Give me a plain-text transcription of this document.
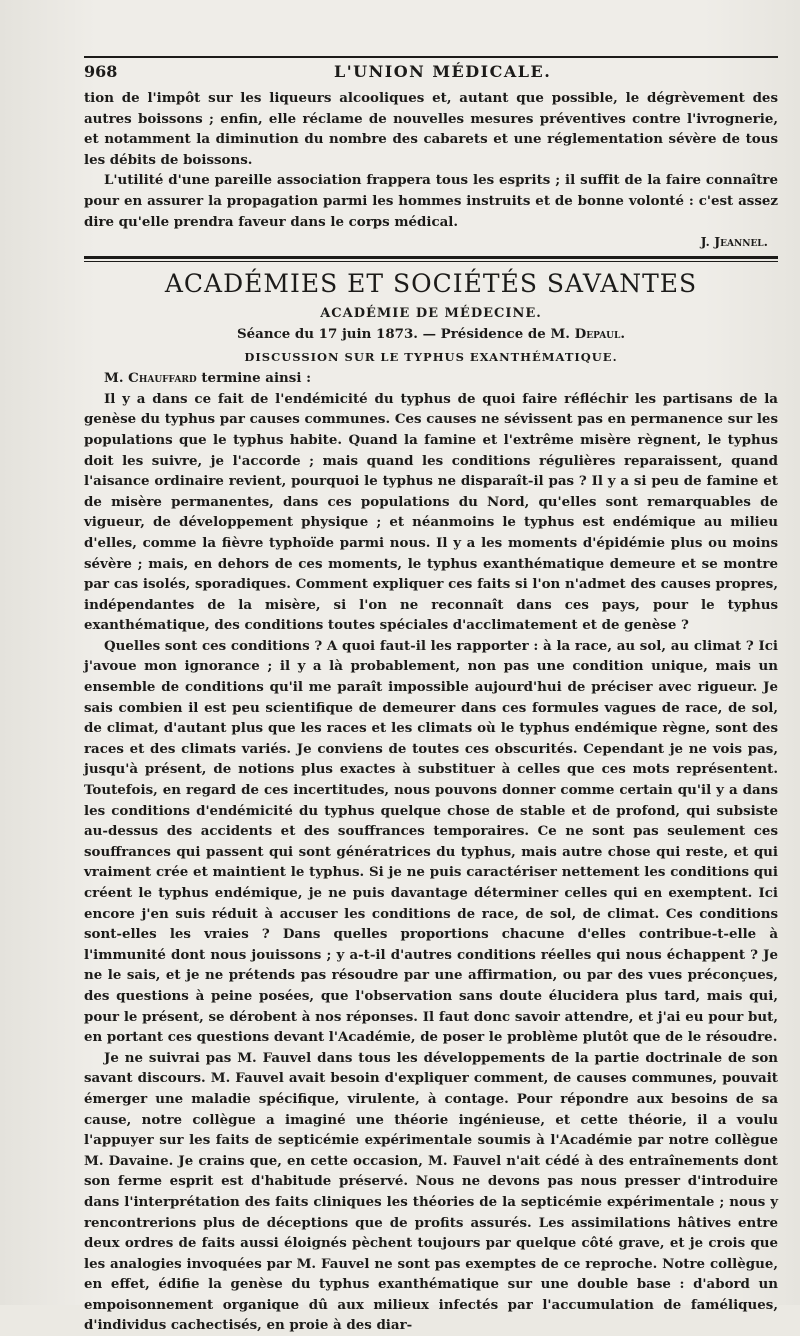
968	L'UNION MÉDICALE.

tion de l'impôt sur les liqueurs alcooliques et, autant que possible, le dégrèvement des autres boissons ; enfin, elle réclame de nouvelles mesures préventives contre l'ivrognerie, et notamment la diminution du nombre des cabarets et une réglementation sévère de tous les débits de boissons.

L'utilité d'une pareille association frappera tous les esprits ; il suffit de la faire connaître pour en assurer la propagation parmi les hommes instruits et de bonne volonté : c'est assez dire qu'elle prendra faveur dans le corps médical.

J. Jeannel.

ACADÉMIES ET SOCIÉTÉS SAVANTES
ACADÉMIE DE MÉDECINE.

Séance du 17 juin 1873. — Présidence de M. Depaul.

DISCUSSION SUR LE TYPHUS EXANTHÉMATIQUE.

M. Chauffard termine ainsi :

Il y a dans ce fait de l'endémicité du typhus de quoi faire réfléchir les partisans de la genèse du typhus par causes communes. Ces causes ne sévissent pas en permanence sur les populations que le typhus habite. Quand la famine et l'extrême misère règnent, le typhus doit les suivre, je l'accorde ; mais quand les conditions régulières reparaissent, quand l'aisance ordinaire revient, pourquoi le typhus ne disparaît-il pas ? Il y a si peu de famine et de misère permanentes, dans ces populations du Nord, qu'elles sont remarquables de vigueur, de développement physique ; et néanmoins le typhus est endémique au milieu d'elles, comme la fièvre typhoïde parmi nous. Il y a les moments d'épidémie plus ou moins sévère ; mais, en dehors de ces moments, le typhus exanthématique demeure et se montre par cas isolés, sporadiques. Comment expliquer ces faits si l'on n'admet des causes propres, indépendantes de la misère, si l'on ne reconnaît dans ces pays, pour le typhus exanthématique, des conditions toutes spéciales d'acclimatement et de genèse ?

Quelles sont ces conditions ? A quoi faut-il les rapporter : à la race, au sol, au climat ? Ici j'avoue mon ignorance ; il y a là probablement, non pas une condition unique, mais un ensemble de conditions qu'il me paraît impossible aujourd'hui de préciser avec rigueur. Je sais combien il est peu scientifique de demeurer dans ces formules vagues de race, de sol, de climat, d'autant plus que les races et les climats où le typhus endémique règne, sont des races et des climats variés. Je conviens de toutes ces obscurités. Cependant je ne vois pas, jusqu'à présent, de notions plus exactes à substituer à celles que ces mots représentent. Toutefois, en regard de ces incertitudes, nous pouvons donner comme certain qu'il y a dans les conditions d'endémicité du typhus quelque chose de stable et de profond, qui subsiste au-dessus des accidents et des souffrances temporaires. Ce ne sont pas seulement ces souffrances qui passent qui sont génératrices du typhus, mais autre chose qui reste, et qui vraiment crée et maintient le typhus. Si je ne puis caractériser nettement les conditions qui créent le typhus endémique, je ne puis davantage déterminer celles qui en exemptent. Ici encore j'en suis réduit à accuser les conditions de race, de sol, de climat. Ces conditions sont-elles les vraies ? Dans quelles proportions chacune d'elles contribue-t-elle à l'immunité dont nous jouissons ; y a-t-il d'autres conditions réelles qui nous échappent ? Je ne le sais, et je ne prétends pas résoudre par une affirmation, ou par des vues préconçues, des questions à peine posées, que l'observation sans doute élucidera plus tard, mais qui, pour le présent, se dérobent à nos réponses. Il faut donc savoir attendre, et j'ai eu pour but, en portant ces questions devant l'Académie, de poser le problème plutôt que de le résoudre.

Je ne suivrai pas M. Fauvel dans tous les développements de la partie doctrinale de son savant discours. M. Fauvel avait besoin d'expliquer comment, de causes communes, pouvait émerger une maladie spécifique, virulente, à contage. Pour répondre aux besoins de sa cause, notre collègue a imaginé une théorie ingénieuse, et cette théorie, il a voulu l'appuyer sur les faits de septicémie expérimentale soumis à l'Académie par notre collègue M. Davaine. Je crains que, en cette occasion, M. Fauvel n'ait cédé à des entraînements dont son ferme esprit est d'habitude préservé. Nous ne devons pas nous presser d'introduire dans l'interprétation des faits cliniques les théories de la septicémie expérimentale ; nous y rencontrerions plus de déceptions que de profits assurés. Les assimilations hâtives entre deux ordres de faits aussi éloignés pèchent toujours par quelque côté grave, et je crois que les analogies invoquées par M. Fauvel ne sont pas exemptes de ce reproche. Notre collègue, en effet, édifie la genèse du typhus exanthématique sur une double base : d'abord un empoisonnement organique dû aux milieux infectés par l'accumulation de faméliques, d'individus cachectisés, en proie à des diar-
